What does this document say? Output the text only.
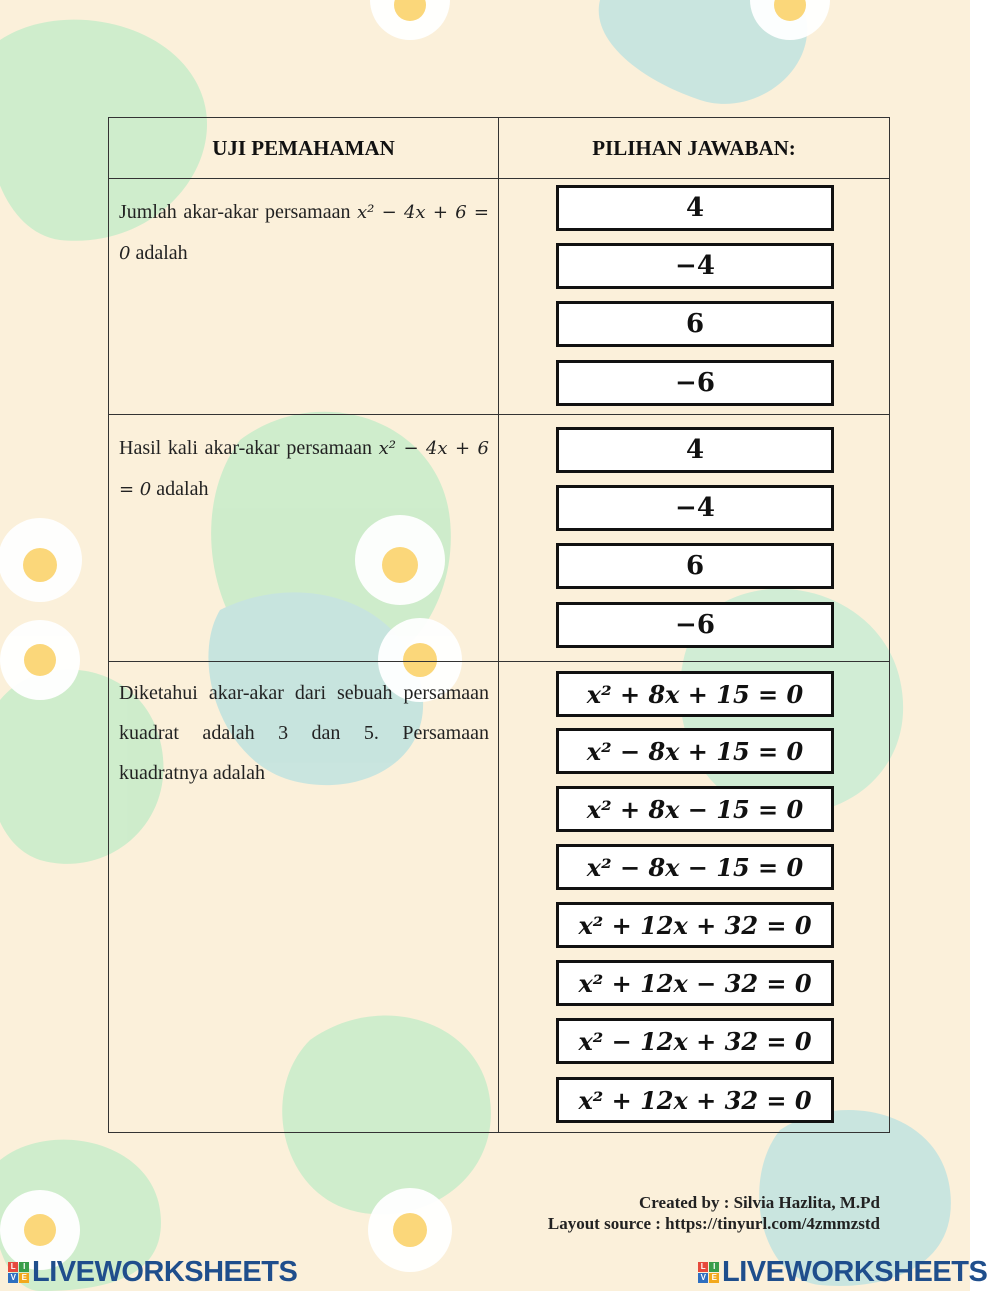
UJI PEMAHAMAN	PILIHAN JAWABAN:
Jumlah akar-akar persamaan x² − 4x + 6 = 0 adalah
Hasil kali akar-akar persamaan x² − 4x + 6 = 0 adalah
Diketahui akar-akar dari sebuah persamaan kuadrat adalah 3 dan 5. Persamaan kuadratnya adalah
4
−4
6
−6
4
−4
6
−6
x² + 8x + 15 = 0
x² − 8x + 15 = 0
x² + 8x − 15 = 0
x² − 8x − 15 = 0
x² + 12x + 32 = 0
x² + 12x − 32 = 0
x² − 12x + 32 = 0
x² + 12x + 32 = 0
Created by : Silvia Hazlita, M.Pd
Layout source : https://tinyurl.com/4zmmzstd
L I
V E LIVEWORKSHEETS	L I
V E LIVEWORKSHEETS
